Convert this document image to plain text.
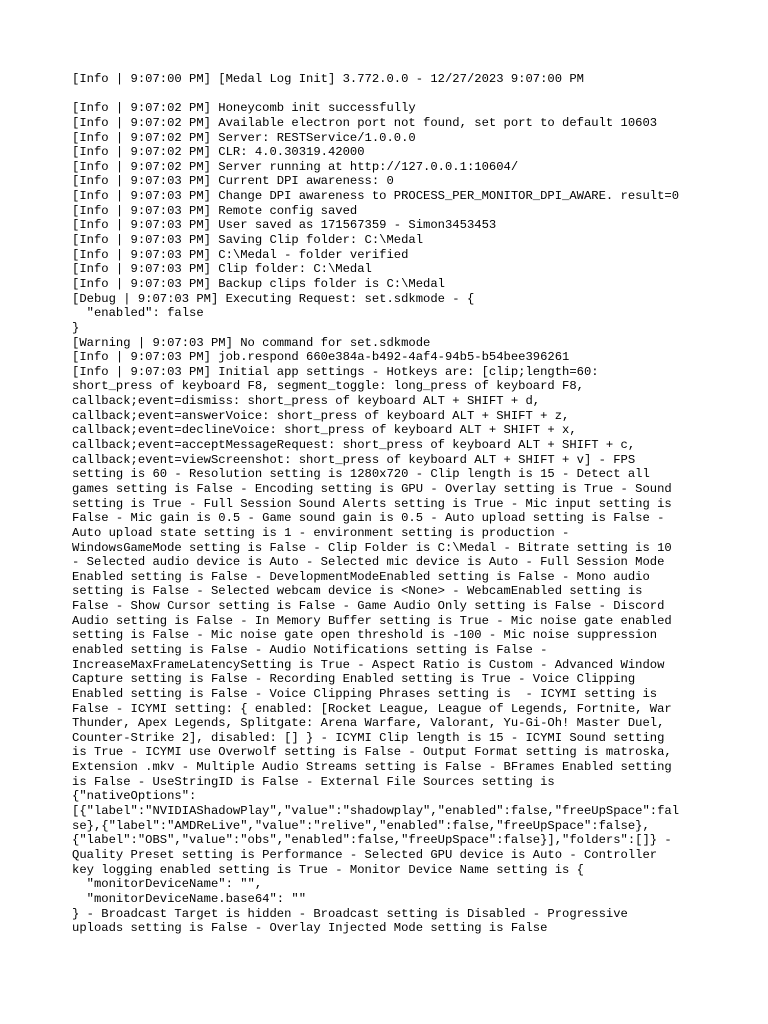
[Info | 9:07:00 PM] [Medal Log Init] 3.772.0.0 - 12/27/2023 9:07:00 PM
[Info | 9:07:02 PM] Honeycomb init successfully
[Info | 9:07:02 PM] Available electron port not found, set port to default 10603
[Info | 9:07:02 PM] Server: RESTService/1.0.0.0
[Info | 9:07:02 PM] CLR: 4.0.30319.42000
[Info | 9:07:02 PM] Server running at http://127.0.0.1:10604/
[Info | 9:07:03 PM] Current DPI awareness: 0
[Info | 9:07:03 PM] Change DPI awareness to PROCESS_PER_MONITOR_DPI_AWARE. result=0
[Info | 9:07:03 PM] Remote config saved
[Info | 9:07:03 PM] User saved as 171567359 - Simon3453453
[Info | 9:07:03 PM] Saving Clip folder: C:\Medal
[Info | 9:07:03 PM] C:\Medal - folder verified
[Info | 9:07:03 PM] Clip folder: C:\Medal
[Info | 9:07:03 PM] Backup clips folder is C:\Medal
[Debug | 9:07:03 PM] Executing Request: set.sdkmode - {
"enabled": false
}
[Warning | 9:07:03 PM] No command for set.sdkmode
[Info | 9:07:03 PM] job.respond 660e384a-b492-4af4-94b5-b54bee396261
[Info | 9:07:03 PM] Initial app settings - Hotkeys are: [clip;length=60:
short_press of keyboard F8, segment_toggle: long_press of keyboard F8,
callback;event=dismiss: short_press of keyboard ALT + SHIFT + d,
callback;event=answerVoice: short_press of keyboard ALT + SHIFT + z,
callback;event=declineVoice: short_press of keyboard ALT + SHIFT + x,
callback;event=acceptMessageRequest: short_press of keyboard ALT + SHIFT + c,
callback;event=viewScreenshot: short_press of keyboard ALT + SHIFT + v] - FPS
setting is 60 - Resolution setting is 1280x720 - Clip length is 15 - Detect all
games setting is False - Encoding setting is GPU - Overlay setting is True - Sound
setting is True - Full Session Sound Alerts setting is True - Mic input setting is
False - Mic gain is 0.5 - Game sound gain is 0.5 - Auto upload setting is False -
Auto upload state setting is 1 - environment setting is production -
WindowsGameMode setting is False - Clip Folder is C:\Medal - Bitrate setting is 10
- Selected audio device is Auto - Selected mic device is Auto - Full Session Mode
Enabled setting is False - DevelopmentModeEnabled setting is False - Mono audio
setting is False - Selected webcam device is <None> - WebcamEnabled setting is
False - Show Cursor setting is False - Game Audio Only setting is False - Discord
Audio setting is False - In Memory Buffer setting is True - Mic noise gate enabled
setting is False - Mic noise gate open threshold is -100 - Mic noise suppression
enabled setting is False - Audio Notifications setting is False -
IncreaseMaxFrameLatencySetting is True - Aspect Ratio is Custom - Advanced Window
Capture setting is False - Recording Enabled setting is True - Voice Clipping
Enabled setting is False - Voice Clipping Phrases setting is  - ICYMI setting is
False - ICYMI setting: { enabled: [Rocket League, League of Legends, Fortnite, War
Thunder, Apex Legends, Splitgate: Arena Warfare, Valorant, Yu-Gi-Oh! Master Duel,
Counter-Strike 2], disabled: [] } - ICYMI Clip length is 15 - ICYMI Sound setting
is True - ICYMI use Overwolf setting is False - Output Format setting is matroska,
Extension .mkv - Multiple Audio Streams setting is False - BFrames Enabled setting
is False - UseStringID is False - External File Sources setting is
{"nativeOptions":
[{"label":"NVIDIAShadowPlay","value":"shadowplay","enabled":false,"freeUpSpace":fal
se},{"label":"AMDReLive","value":"relive","enabled":false,"freeUpSpace":false},
{"label":"OBS","value":"obs","enabled":false,"freeUpSpace":false}],"folders":[]} -
Quality Preset setting is Performance - Selected GPU device is Auto - Controller
key logging enabled setting is True - Monitor Device Name setting is {
"monitorDeviceName": "",
"monitorDeviceName.base64": ""
} - Broadcast Target is hidden - Broadcast setting is Disabled - Progressive
uploads setting is False - Overlay Injected Mode setting is False
